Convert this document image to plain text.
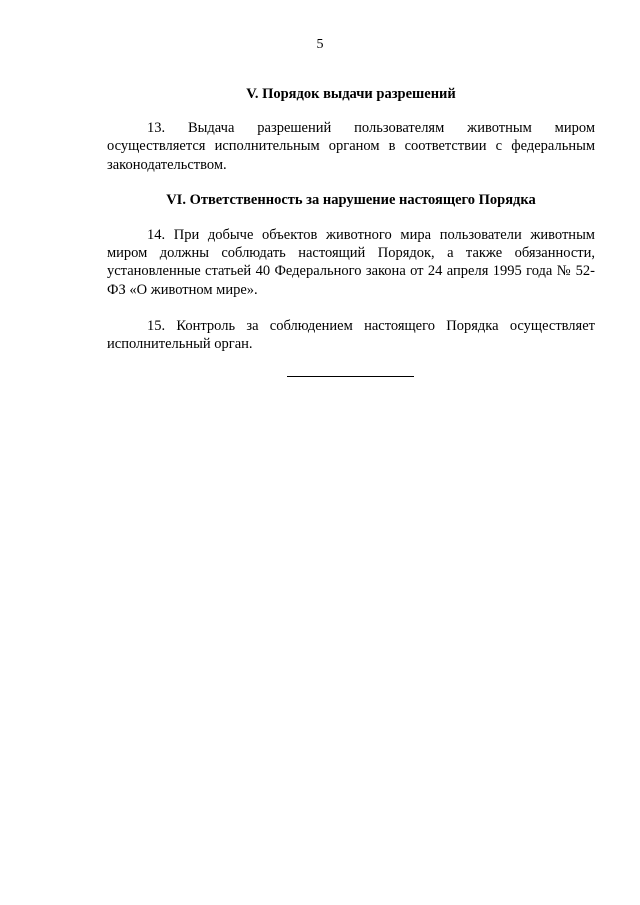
5
V. Порядок выдачи разрешений

13. Выдача разрешений пользователям животным миром осуществляется исполнительным органом в соответствии с федеральным законодательством.

VI. Ответственность за нарушение настоящего Порядка

14. При добыче объектов животного мира пользователи животным миром должны соблюдать настоящий Порядок, а также обязанности, установленные статьей 40 Федерального закона от 24 апреля 1995 года № 52-ФЗ «О животном мире».

15. Контроль за соблюдением настоящего Порядка осуществляет исполнительный орган.
